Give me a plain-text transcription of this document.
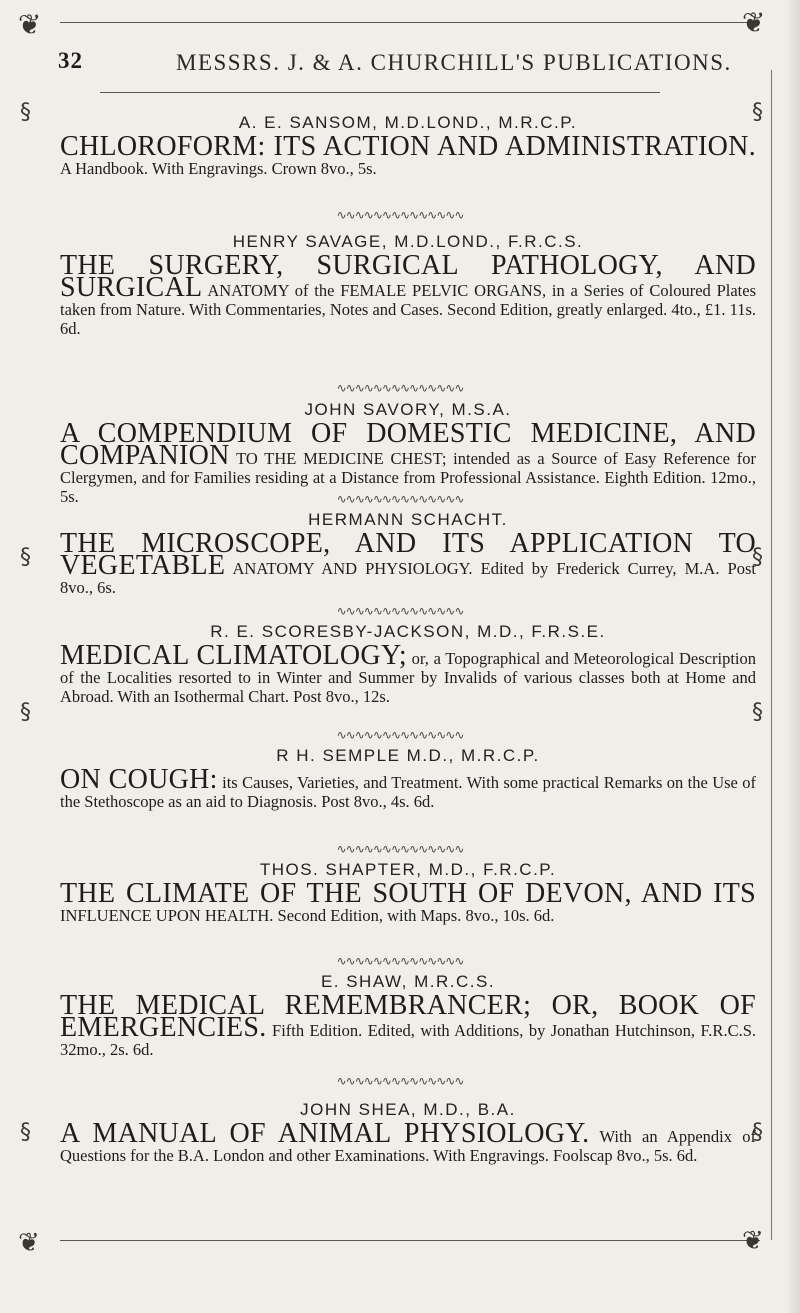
❦	❦
❦	❦
§
§
§
§
§
§
§
§
32	MESSRS. J. & A. CHURCHILL'S PUBLICATIONS.
A. E. SANSOM, M.D.LOND., M.R.C.P.

CHLOROFORM: ITS ACTION AND ADMINISTRATION. A Handbook. With Engravings. Crown 8vo., 5s.

∿∿∿∿∿∿∿∿∿∿∿∿∿∿
HENRY SAVAGE, M.D.LOND., F.R.C.S.

THE SURGERY, SURGICAL PATHOLOGY, AND SURGICAL ANATOMY of the FEMALE PELVIC ORGANS, in a Series of Coloured Plates taken from Nature. With Commentaries, Notes and Cases. Second Edition, greatly enlarged. 4to., £1. 11s. 6d.

∿∿∿∿∿∿∿∿∿∿∿∿∿∿
JOHN SAVORY, M.S.A.

A COMPENDIUM OF DOMESTIC MEDICINE, AND COMPANION TO THE MEDICINE CHEST; intended as a Source of Easy Reference for Clergymen, and for Families residing at a Distance from Professional Assistance. Eighth Edition. 12mo., 5s.	∿∿∿∿∿∿∿∿∿∿∿∿∿∿
HERMANN SCHACHT.

THE MICROSCOPE, AND ITS APPLICATION TO VEGETABLE ANATOMY AND PHYSIOLOGY. Edited by Frederick Currey, M.A. Post 8vo., 6s.

∿∿∿∿∿∿∿∿∿∿∿∿∿∿
R. E. SCORESBY-JACKSON, M.D., F.R.S.E.

MEDICAL CLIMATOLOGY; or, a Topographical and Meteorological Description of the Localities resorted to in Winter and Summer by Invalids of various classes both at Home and Abroad. With an Isothermal Chart. Post 8vo., 12s.

∿∿∿∿∿∿∿∿∿∿∿∿∿∿
R H. SEMPLE M.D., M.R.C.P.

ON COUGH: its Causes, Varieties, and Treatment. With some practical Remarks on the Use of the Stethoscope as an aid to Diagnosis. Post 8vo., 4s. 6d.

∿∿∿∿∿∿∿∿∿∿∿∿∿∿
THOS. SHAPTER, M.D., F.R.C.P.

THE CLIMATE OF THE SOUTH OF DEVON, AND ITS INFLUENCE UPON HEALTH. Second Edition, with Maps. 8vo., 10s. 6d.

∿∿∿∿∿∿∿∿∿∿∿∿∿∿
E. SHAW, M.R.C.S.

THE MEDICAL REMEMBRANCER; OR, BOOK OF EMERGENCIES. Fifth Edition. Edited, with Additions, by Jonathan Hutchinson, F.R.C.S. 32mo., 2s. 6d.

∿∿∿∿∿∿∿∿∿∿∿∿∿∿
JOHN SHEA, M.D., B.A.

A MANUAL OF ANIMAL PHYSIOLOGY. With an Appendix of Questions for the B.A. London and other Examinations. With Engravings. Foolscap 8vo., 5s. 6d.
